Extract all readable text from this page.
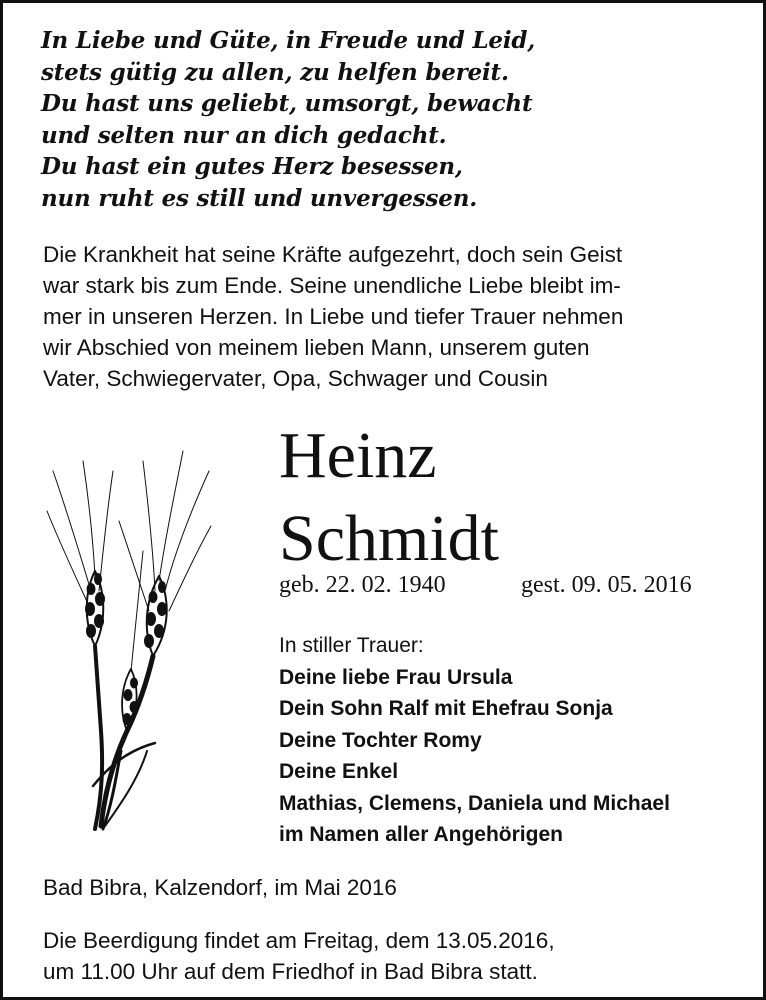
In Liebe und Güte, in Freude und Leid,
stets gütig zu allen, zu helfen bereit.
Du hast uns geliebt, umsorgt, bewacht
und selten nur an dich gedacht.
Du hast ein gutes Herz besessen,
nun ruht es still und unvergessen.
Die Krankheit hat seine Kräfte aufgezehrt, doch sein Geist
war stark bis zum Ende. Seine unendliche Liebe bleibt im-
mer in unseren Herzen. In Liebe und tiefer Trauer nehmen
wir Abschied von meinem lieben Mann, unserem guten
Vater, Schwiegervater, Opa, Schwager und Cousin
Heinz
Schmidt
geb. 22. 02. 1940	gest. 09. 05. 2016
In stiller Trauer:
Deine liebe Frau Ursula
Dein Sohn Ralf mit Ehefrau Sonja
Deine Tochter Romy
Deine Enkel
Mathias, Clemens, Daniela und Michael
im Namen aller Angehörigen
Bad Bibra, Kalzendorf, im Mai 2016
Die Beerdigung findet am Freitag, dem 13.05.2016,
um 11.00 Uhr auf dem Friedhof in Bad Bibra statt.
